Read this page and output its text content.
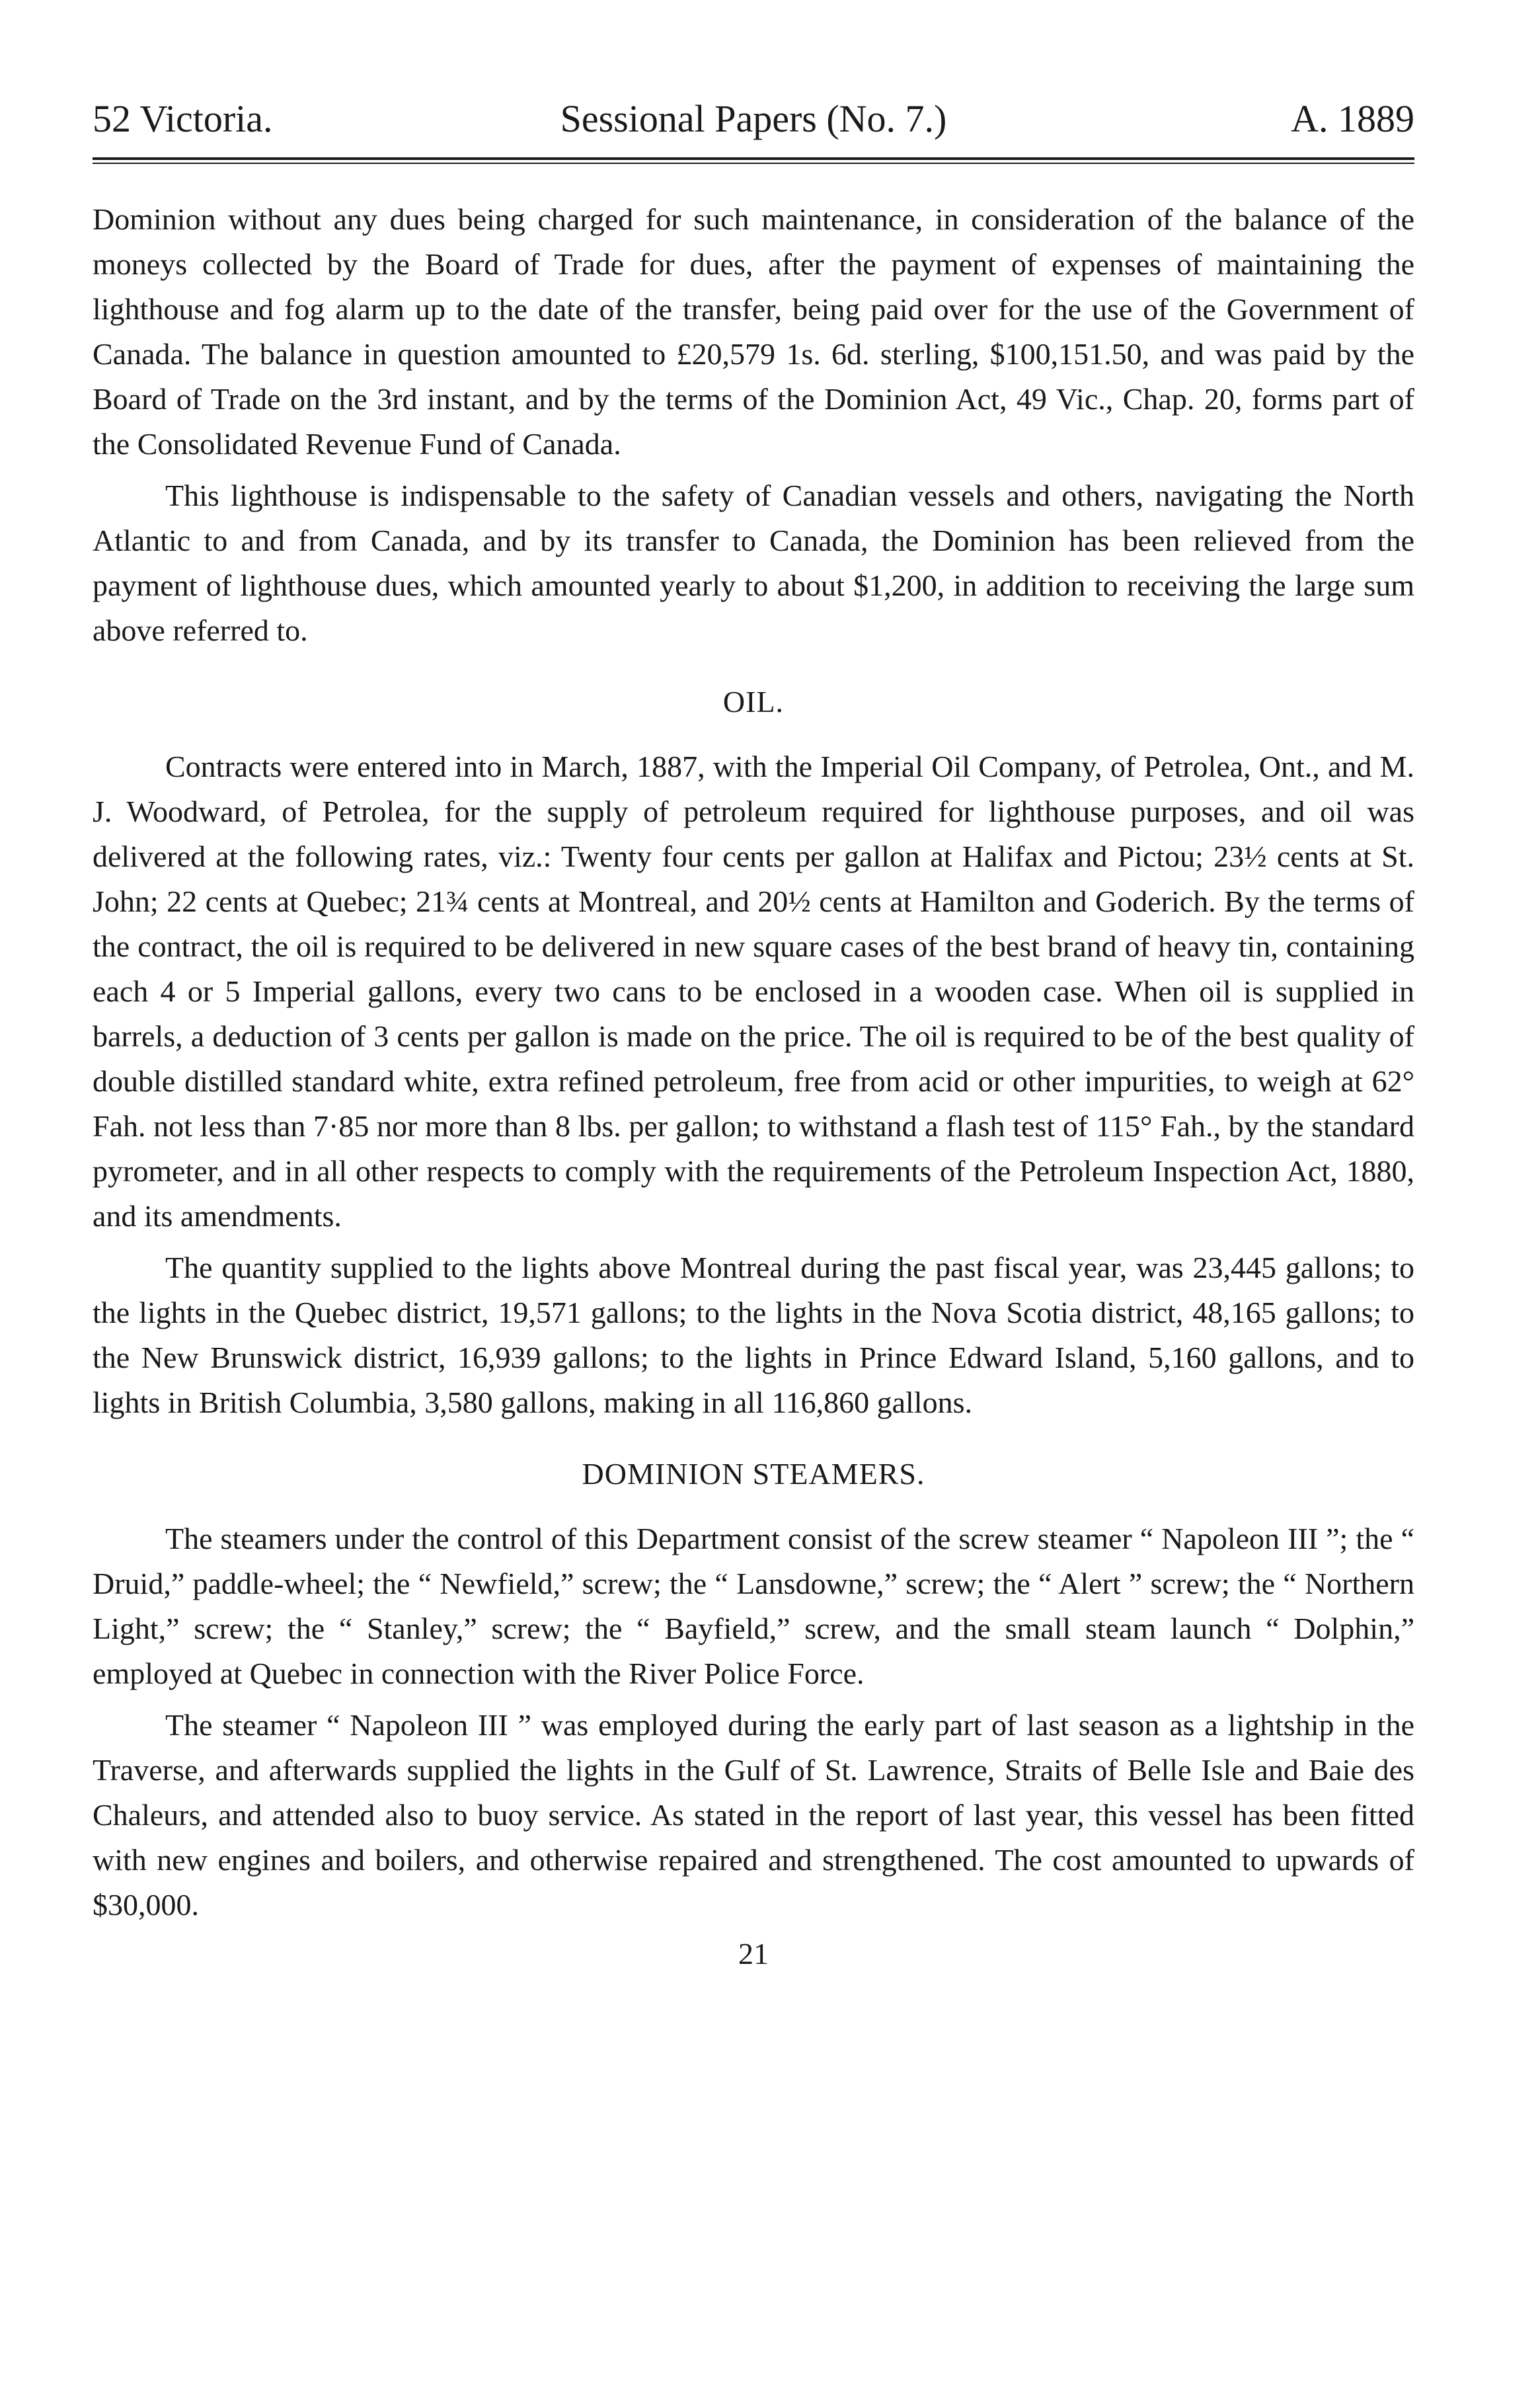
52 Victoria.	Sessional Papers (No. 7.)	A. 1889

Dominion without any dues being charged for such maintenance, in consideration of the balance of the moneys collected by the Board of Trade for dues, after the payment of expenses of maintaining the lighthouse and fog alarm up to the date of the transfer, being paid over for the use of the Government of Canada. The balance in question amounted to £20,579 1s. 6d. sterling, $100,151.50, and was paid by the Board of Trade on the 3rd instant, and by the terms of the Dominion Act, 49 Vic., Chap. 20, forms part of the Consolidated Revenue Fund of Canada.

This lighthouse is indispensable to the safety of Canadian vessels and others, navigating the North Atlantic to and from Canada, and by its transfer to Canada, the Dominion has been relieved from the payment of lighthouse dues, which amounted yearly to about $1,200, in addition to receiving the large sum above referred to.

OIL.

Contracts were entered into in March, 1887, with the Imperial Oil Company, of Petrolea, Ont., and M. J. Woodward, of Petrolea, for the supply of petroleum required for lighthouse purposes, and oil was delivered at the following rates, viz.: Twenty four cents per gallon at Halifax and Pictou; 23½ cents at St. John; 22 cents at Quebec; 21¾ cents at Montreal, and 20½ cents at Hamilton and Goderich. By the terms of the contract, the oil is required to be delivered in new square cases of the best brand of heavy tin, containing each 4 or 5 Imperial gallons, every two cans to be enclosed in a wooden case. When oil is supplied in barrels, a deduction of 3 cents per gallon is made on the price. The oil is required to be of the best quality of double distilled standard white, extra refined petroleum, free from acid or other impurities, to weigh at 62° Fah. not less than 7·85 nor more than 8 lbs. per gallon; to withstand a flash test of 115° Fah., by the standard pyrometer, and in all other respects to comply with the requirements of the Petroleum Inspection Act, 1880, and its amendments.

The quantity supplied to the lights above Montreal during the past fiscal year, was 23,445 gallons; to the lights in the Quebec district, 19,571 gallons; to the lights in the Nova Scotia district, 48,165 gallons; to the New Brunswick district, 16,939 gallons; to the lights in Prince Edward Island, 5,160 gallons, and to lights in British Columbia, 3,580 gallons, making in all 116,860 gallons.

DOMINION STEAMERS.

The steamers under the control of this Department consist of the screw steamer “ Napoleon III ”; the “ Druid,” paddle-wheel; the “ Newfield,” screw; the “ Lansdowne,” screw; the “ Alert ” screw; the “ Northern Light,” screw; the “ Stanley,” screw; the “ Bayfield,” screw, and the small steam launch “ Dolphin,” employed at Quebec in connection with the River Police Force.

The steamer “ Napoleon III ” was employed during the early part of last season as a lightship in the Traverse, and afterwards supplied the lights in the Gulf of St. Lawrence, Straits of Belle Isle and Baie des Chaleurs, and attended also to buoy service. As stated in the report of last year, this vessel has been fitted with new engines and boilers, and otherwise repaired and strengthened. The cost amounted to upwards of $30,000.

21
